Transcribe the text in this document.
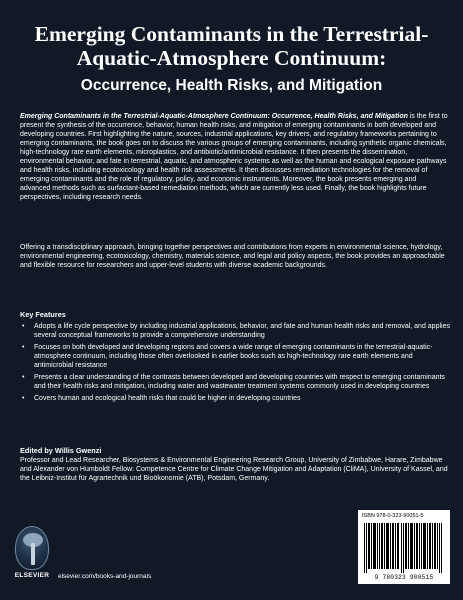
Emerging Contaminants in the Terrestrial-Aquatic-Atmosphere Continuum:
Occurrence, Health Risks, and Mitigation

Emerging Contaminants in the Terrestrial-Aquatic-Atmosphere Continuum: Occurrence, Health Risks, and Mitigation is the first to present the synthesis of the occurrence, behavior, human health risks, and mitigation of emerging contaminants in both developed and developing countries. First highlighting the nature, sources, industrial applications, key drivers, and regulatory frameworks pertaining to emerging contaminants, the book goes on to discuss the various groups of emerging contaminants, including synthetic organic chemicals, high-technology rare earth elements, microplastics, and antibiotic/antimicrobial resistance. It then presents the dissemination, environmental behavior, and fate in terrestrial, aquatic, and atmospheric systems as well as the human and ecological exposure pathways and health risks, including ecotoxicology and health risk assessments. It then discusses remediation technologies for the removal of emerging contaminants and the role of regulatory, policy, and economic instruments. Moreover, the book presents emerging and advanced methods such as surfactant-based remediation methods, which are currently less used. Finally, the book highlights future perspectives, including research needs.

Offering a transdisciplinary approach, bringing together perspectives and contributions from experts in environmental science, hydrology, environmental engineering, ecotoxicology, chemistry, materials science, and legal and policy aspects, the book provides an approachable and flexible resource for researchers and upper-level students with diverse academic backgrounds.

Key Features

• Adopts a life cycle perspective by including industrial applications, behavior, and fate and human health risks and removal, and applies several conceptual frameworks to provide a comprehensive understanding
• Focuses on both developed and developing regions and covers a wide range of emerging contaminants in the terrestrial-aquatic-atmosphere continuum, including those often overlooked in earlier books such as high-technology rare earth elements and antimicrobial resistance
• Presents a clear understanding of the contrasts between developed and developing countries with respect to emerging contaminants and their health risks and mitigation, including water and wastewater treatment systems commonly used in developing countries
• Covers human and ecological health risks that could be higher in developing countries

Edited by Willis Gwenzi

Professor and Lead Researcher, Biosystems & Environmental Engineering Research Group, University of Zimbabwe, Harare, Zimbabwe and Alexander von Humboldt Fellow: Competence Centre for Climate Change Mitigation and Adaptation (CliMA), University of Kassel, and the Leibniz-Institut für Agrartechnik und Bioökonomie (ATB), Potsdam, Germany.

ELSEVIER elsevier.com/books-and-journals

ISBN 978-0-323-90051-5

9 780323 900515
